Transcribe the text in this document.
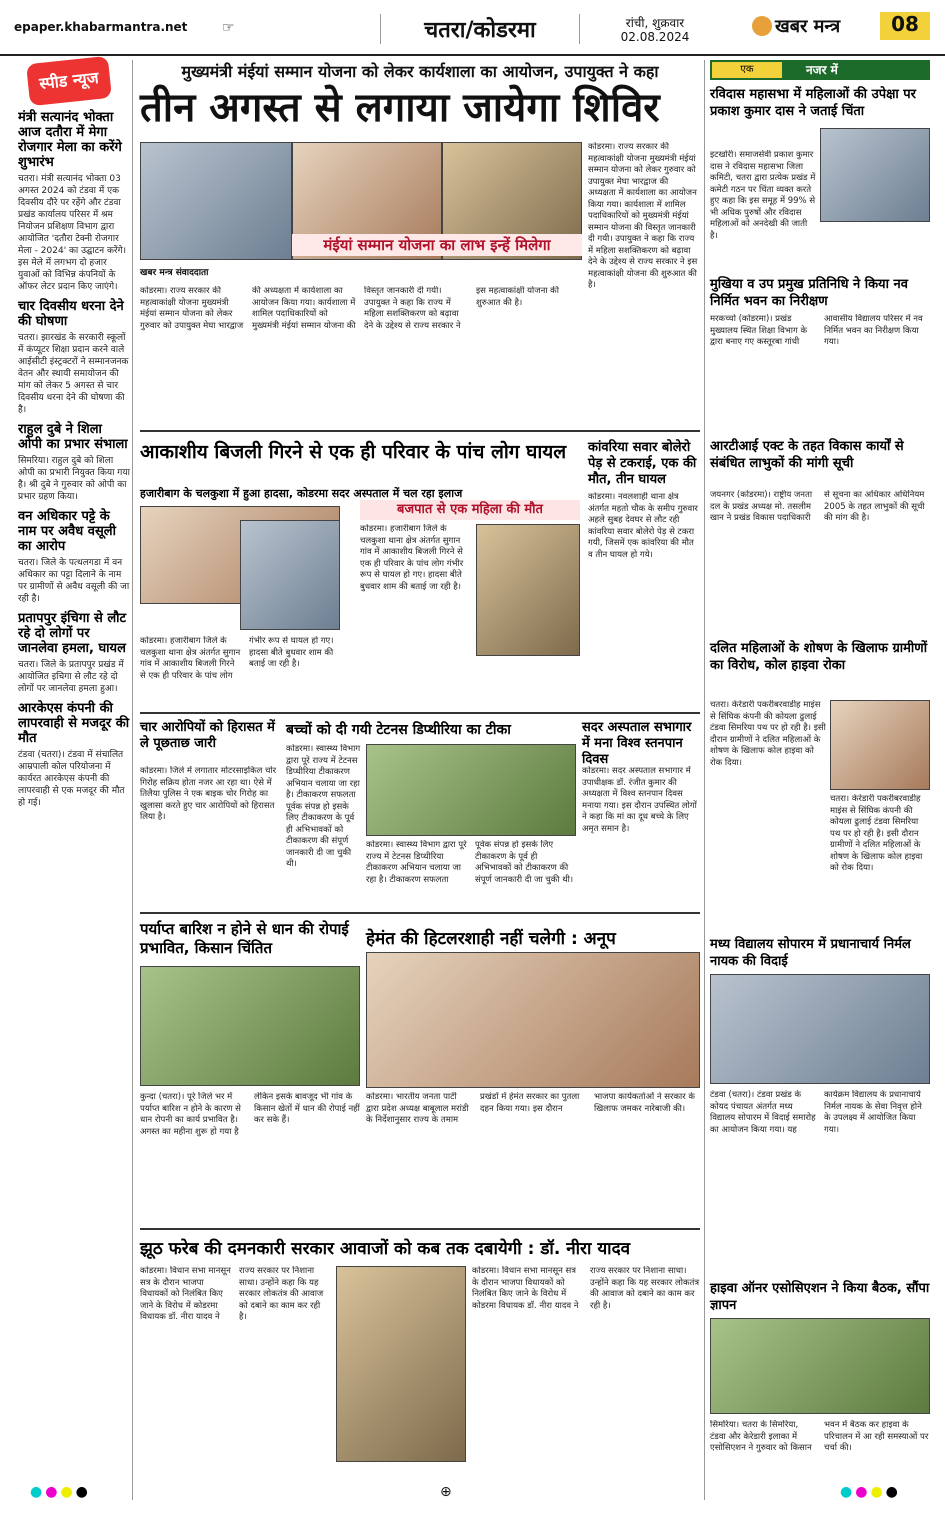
epaper.khabarmantra.net ☞	चतरा/कोडरमा	रांची, शुक्रवार
02.08.2024	खबर मन्त्र	08
स्पीड न्यूज
मंत्री सत्यानंद भोक्ता आज दतौरा में मेगा रोजगार मेला का करेंगे शुभारंभ

चतरा। मंत्री सत्यानंद भोक्ता 03 अगस्त 2024 को टंडवा में एक दिवसीय दौरे पर रहेंगे और टंडवा प्रखंड कार्यालय परिसर में श्रम नियोजन प्रशिक्षण विभाग द्वारा आयोजित 'दतौरा टेक्नी रोजगार मेला - 2024' का उद्घाटन करेंगे। इस मेले में लगभग दो हजार युवाओं को विभिन्न कंपनियों के ऑफर लेटर प्रदान किए जाएंगे।

चार दिवसीय धरना देने की घोषणा

चतरा। झारखंड के सरकारी स्कूलों में कंप्यूटर शिक्षा प्रदान करने वाले आईसीटी इंस्ट्रक्टरों ने सम्मानजनक वेतन और स्थायी समायोजन की मांग को लेकर 5 अगस्त से चार दिवसीय धरना देने की घोषणा की है।

राहुल दुबे ने शिला ओपी का प्रभार संभाला

सिमरिया। राहुल दुबे को शिला ओपी का प्रभारी नियुक्त किया गया है। श्री दुबे ने गुरुवार को ओपी का प्रभार ग्रहण किया।

वन अधिकार पट्टे के नाम पर अवैध वसूली का आरोप

चतरा। जिले के पत्थलगडा में वन अधिकार का पट्टा दिलाने के नाम पर ग्रामीणों से अवैध वसूली की जा रही है।

प्रतापपुर इंचिगा से लौट रहे दो लोगों पर जानलेवा हमला, घायल

चतरा। जिले के प्रतापपुर प्रखंड में आयोजित इचिगा से लौट रहे दो लोगों पर जानलेवा हमला हुआ।

आरकेएस कंपनी की लापरवाही से मजदूर की मौत

टंडवा (चतरा)। टंडवा में संचालित आम्रपाली कोल परियोजना में कार्यरत आरकेएस कंपनी की लापरवाही से एक मजदूर की मौत हो गई।

मुख्यमंत्री मंईयां सम्मान योजना को लेकर कार्यशाला का आयोजन, उपायुक्त ने कहा
तीन अगस्त से लगाया जायेगा शिविर
मंईयां सम्मान योजना का लाभ इन्हें मिलेगा
खबर मन्त्र संवाददाता
कोडरमा। राज्य सरकार की महत्वाकांक्षी योजना मुख्यमंत्री मंईयां सम्मान योजना को लेकर गुरुवार को उपायुक्त मेघा भारद्वाज की अध्यक्षता में कार्यशाला का आयोजन किया गया। कार्यशाला में शामिल पदाधिकारियों को मुख्यमंत्री मंईयां सम्मान योजना की विस्तृत जानकारी दी गयी। उपायुक्त ने कहा कि राज्य में महिला सशक्तिकरण को बढ़ावा देने के उद्देश्य से राज्य सरकार ने इस महत्वाकांक्षी योजना की शुरुआत की है।
कोडरमा। राज्य सरकार की महत्वाकांक्षी योजना मुख्यमंत्री मंईयां सम्मान योजना को लेकर गुरुवार को उपायुक्त मेघा भारद्वाज की अध्यक्षता में कार्यशाला का आयोजन किया गया। कार्यशाला में शामिल पदाधिकारियों को मुख्यमंत्री मंईयां सम्मान योजना की विस्तृत जानकारी दी गयी। उपायुक्त ने कहा कि राज्य में महिला सशक्तिकरण को बढ़ावा देने के उद्देश्य से राज्य सरकार ने इस महत्वाकांक्षी योजना की शुरुआत की है।
आकाशीय बिजली गिरने से एक ही परिवार के पांच लोग घायल
हजारीबाग के चलकुशा में हुआ हादसा, कोडरमा सदर अस्पताल में चल रहा इलाज
बजपात से एक महिला की मौत
कोडरमा। हजारीबाग जिले के चलकुशा थाना क्षेत्र अंतर्गत सुगान गांव में आकाशीय बिजली गिरने से एक ही परिवार के पांच लोग गंभीर रूप से घायल हो गए। हादसा बीते बुधवार शाम की बताई जा रही है।
कोडरमा। हजारीबाग जिले के चलकुशा थाना क्षेत्र अंतर्गत सुगान गांव में आकाशीय बिजली गिरने से एक ही परिवार के पांच लोग गंभीर रूप से घायल हो गए। हादसा बीते बुधवार शाम की बताई जा रही है।
कांवरिया सवार बोलेरो पेड़ से टकराई, एक की मौत, तीन घायल
कोडरमा। नवलशाही थाना क्षेत्र अंतर्गत महतो चौक के समीप गुरुवार अहले सुबह देवघर से लौट रही कांवरिया सवार बोलेरो पेड़ से टकरा गयी, जिसमें एक कांवरिया की मौत व तीन घायल हो गये।
चार आरोपियों को हिरासत में ले पूछताछ जारी
कोडरमा। जिले में लगातार मोटरसाइकिल चोर गिरोह सक्रिय होता नजर आ रहा था। ऐसे में तिलैया पुलिस ने एक बाइक चोर गिरोह का खुलासा करते हुए चार आरोपियों को हिरासत लिया है।
बच्चों को दी गयी टेटनस डिप्थीरिया का टीका
कोडरमा। स्वास्थ्य विभाग द्वारा पूरे राज्य में टेटनस डिप्थीरिया टीकाकरण अभियान चलाया जा रहा है। टीकाकरण सफलता पूर्वक संपन्न हो इसके लिए टीकाकरण के पूर्व ही अभिभावकों को टीकाकरण की संपूर्ण जानकारी दी जा चुकी थी।
कोडरमा। स्वास्थ्य विभाग द्वारा पूरे राज्य में टेटनस डिप्थीरिया टीकाकरण अभियान चलाया जा रहा है। टीकाकरण सफलता पूर्वक संपन्न हो इसके लिए टीकाकरण के पूर्व ही अभिभावकों को टीकाकरण की संपूर्ण जानकारी दी जा चुकी थी।
सदर अस्पताल सभागार में मना विश्व स्तनपान दिवस
कोडरमा। सदर अस्पताल सभागार में उपाधीक्षक डॉ. रंजीत कुमार की अध्यक्षता में विश्व स्तनपान दिवस मनाया गया। इस दौरान उपस्थित लोगों ने कहा कि मां का दूध बच्चे के लिए अमृत समान है।
पर्याप्त बारिश न होने से धान की रोपाई प्रभावित, किसान चिंतित
कुन्दा (चतरा)। पूरे जिले भर में पर्याप्त बारिश न होने के कारण से धान रोपनी का कार्य प्रभावित है। अगस्त का महीना शुरू हो गया है लेकिन इसके बावजूद भी गांव के किसान खेतों में धान की रोपाई नहीं कर सके हैं।
हेमंत की हिटलरशाही नहीं चलेगी : अनूप
कोडरमा। भारतीय जनता पार्टी द्वारा प्रदेश अध्यक्ष बाबूलाल मरांडी के निर्देशानुसार राज्य के तमाम प्रखंडों में हेमंत सरकार का पुतला दहन किया गया। इस दौरान भाजपा कार्यकर्ताओं ने सरकार के खिलाफ जमकर नारेबाजी की।
झूठ फरेब की दमनकारी सरकार आवाजों को कब तक दबायेगी : डॉ. नीरा यादव
कोडरमा। विधान सभा मानसून सत्र के दौरान भाजपा विधायकों को निलंबित किए जाने के विरोध में कोडरमा विधायक डॉ. नीरा यादव ने राज्य सरकार पर निशाना साधा। उन्होंने कहा कि यह सरकार लोकतंत्र की आवाज को दबाने का काम कर रही है।
कोडरमा। विधान सभा मानसून सत्र के दौरान भाजपा विधायकों को निलंबित किए जाने के विरोध में कोडरमा विधायक डॉ. नीरा यादव ने राज्य सरकार पर निशाना साधा। उन्होंने कहा कि यह सरकार लोकतंत्र की आवाज को दबाने का काम कर रही है।
नजर में
एक
रविदास महासभा में महिलाओं की उपेक्षा पर प्रकाश कुमार दास ने जताई चिंता
इटखोरी। समाजसेवी प्रकाश कुमार दास ने रविदास महासभा जिला कमिटी, चतरा द्वारा प्रत्येक प्रखंड में कमेटी गठन पर चिंता व्यक्त करते हुए कहा कि इस समूह में 99% से भी अधिक पुरुषों और रविदास महिलाओं को अनदेखी की जाती है।
मुखिया व उप प्रमुख प्रतिनिधि ने किया नव निर्मित भवन का निरीक्षण
मरकच्चो (कोडरमा)। प्रखंड मुख्यालय स्थित शिक्षा विभाग के द्वारा बनाए गए कस्तूरबा गांधी आवासीय विद्यालय परिसर में नव निर्मित भवन का निरीक्षण किया गया।
आरटीआई एक्ट के तहत विकास कार्यों से संबंधित लाभुकों की मांगी सूची
जयनगर (कोडरमा)। राष्ट्रीय जनता दल के प्रखंड अध्यक्ष मो. तसलीम खान ने प्रखंड विकास पदाधिकारी से सूचना का अधिकार अधिनियम 2005 के तहत लाभुकों की सूची की मांग की है।
दलित महिलाओं के शोषण के खिलाफ ग्रामीणों का विरोध, कोल हाइवा रोका
चतरा। केरेडारी पकरीबरवाडीह माइंस से सिंघिक कंपनी की कोयला ढुलाई टंडवा सिमरिया पथ पर हो रही है। इसी दौरान ग्रामीणों ने दलित महिलाओं के शोषण के खिलाफ कोल हाइवा को रोक दिया।
चतरा। केरेडारी पकरीबरवाडीह माइंस से सिंघिक कंपनी की कोयला ढुलाई टंडवा सिमरिया पथ पर हो रही है। इसी दौरान ग्रामीणों ने दलित महिलाओं के शोषण के खिलाफ कोल हाइवा को रोक दिया।
मध्य विद्यालय सोपारम में प्रधानाचार्य निर्मल नायक की विदाई
टंडवा (चतरा)। टंडवा प्रखंड के कोयद पंचायत अंतर्गत मध्य विद्यालय सोपारम में विदाई समारोह का आयोजन किया गया। यह कार्यक्रम विद्यालय के प्रधानाचार्य निर्मल नायक के सेवा निवृत्त होने के उपलक्ष्य में आयोजित किया गया।
हाइवा ऑनर एसोसिएशन ने किया बैठक, सौंपा ज्ञापन
सिमरिया। चतरा के सिमरिया, टंडवा और केरेडारी इलाका में एसोसिएशन ने गुरुवार को किसान भवन में बैठक कर हाइवा के परिचालन में आ रही समस्याओं पर चर्चा की।
●●●●	⊕	●●●●
